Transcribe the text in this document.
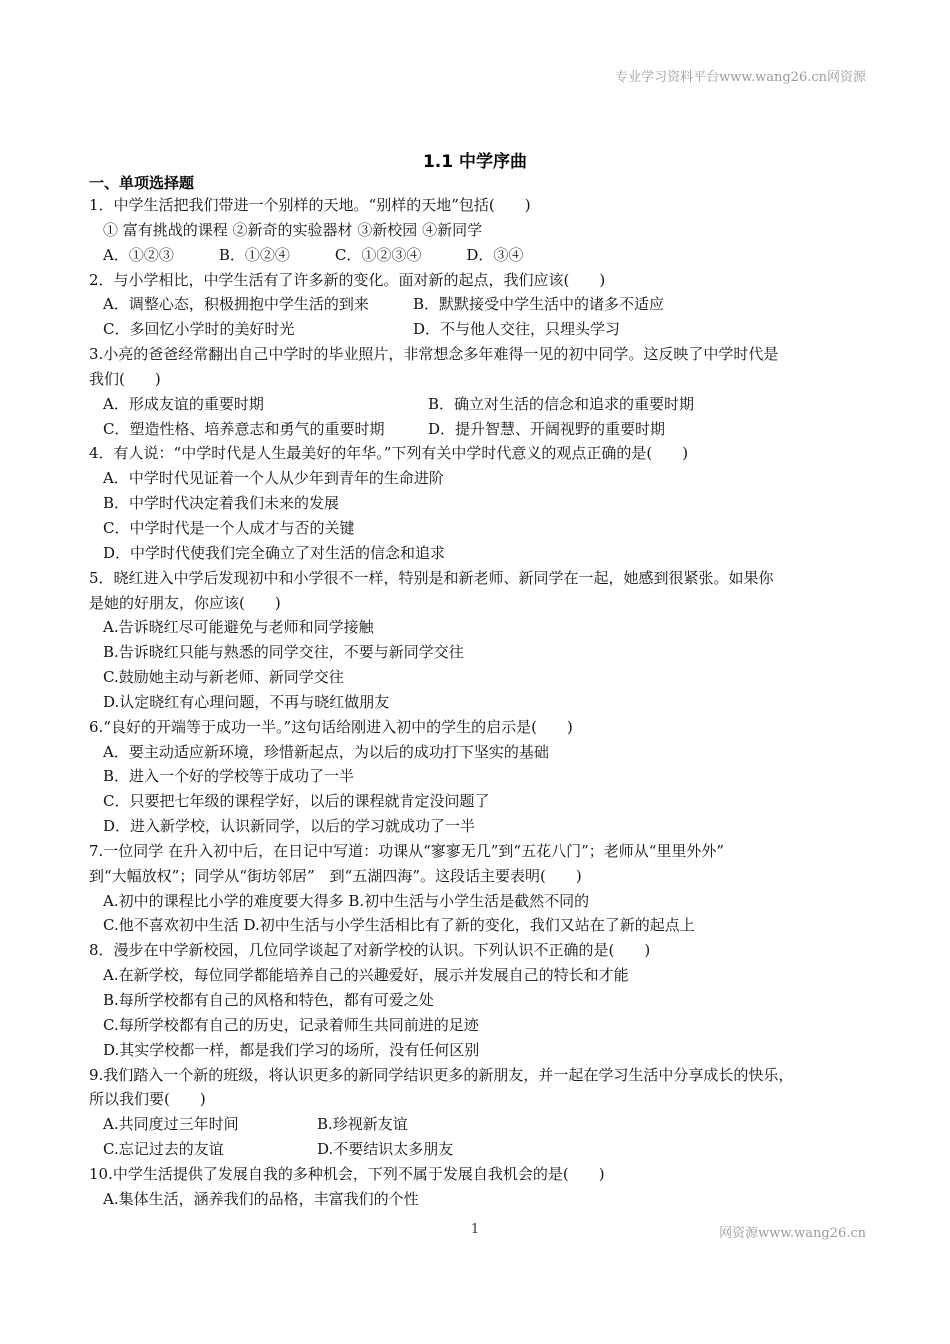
专业学习资料平台www.wang26.cn网资源
1.1 中学序曲
一、单项选择题
1．中学生活把我们带进一个别样的天地。“别样的天地”包括(　　)
① 富有挑战的课程 ②新奇的实验器材 ③新校园 ④新同学
A．①②③　　　B．①②④　　　C．①②③④　　　D．③④
2．与小学相比，中学生活有了许多新的变化。面对新的起点，我们应该(　　)
A．调整心态，积极拥抱中学生活的到来	B．默默接受中学生活中的诸多不适应
C．多回忆小学时的美好时光	D．不与他人交往，只埋头学习
3.小亮的爸爸经常翻出自己中学时的毕业照片，非常想念多年难得一见的初中同学。这反映了中学时代是
我们(　　)
A．形成友谊的重要时期	B．确立对生活的信念和追求的重要时期
C．塑造性格、培养意志和勇气的重要时期	D．提升智慧、开阔视野的重要时期
4．有人说：“中学时代是人生最美好的年华。”下列有关中学时代意义的观点正确的是(　　)
A．中学时代见证着一个人从少年到青年的生命进阶
B．中学时代决定着我们未来的发展
C．中学时代是一个人成才与否的关键
D．中学时代使我们完全确立了对生活的信念和追求
5．晓红进入中学后发现初中和小学很不一样，特别是和新老师、新同学在一起，她感到很紧张。如果你
是她的好朋友，你应该(　　)
A.告诉晓红尽可能避免与老师和同学接触
B.告诉晓红只能与熟悉的同学交往，不要与新同学交往
C.鼓励她主动与新老师、新同学交往
D.认定晓红有心理问题，不再与晓红做朋友
6.“良好的开端等于成功一半。”这句话给刚进入初中的学生的启示是(　　)
A．要主动适应新环境，珍惜新起点，为以后的成功打下坚实的基础
B．进入一个好的学校等于成功了一半
C．只要把七年级的课程学好，以后的课程就肯定没问题了
D．进入新学校，认识新同学，以后的学习就成功了一半
7.一位同学 在升入初中后，在日记中写道：功课从“寥寥无几”到“五花八门”；老师从“里里外外”
到“大幅放权”；同学从“街坊邻居”　到“五湖四海”。这段话主要表明(　　)
A.初中的课程比小学的难度要大得多 B.初中生活与小学生活是截然不同的
C.他不喜欢初中生活 D.初中生活与小学生活相比有了新的变化，我们又站在了新的起点上
8．漫步在中学新校园，几位同学谈起了对新学校的认识。下列认识不正确的是(　　)
A.在新学校，每位同学都能培养自己的兴趣爱好，展示并发展自己的特长和才能
B.每所学校都有自己的风格和特色，都有可爱之处
C.每所学校都有自己的历史，记录着师生共同前进的足迹
D.其实学校都一样，都是我们学习的场所，没有任何区别
9.我们踏入一个新的班级，将认识更多的新同学结识更多的新朋友，并一起在学习生活中分享成长的快乐，
所以我们要(　　)
A.共同度过三年时间	B.珍视新友谊
C.忘记过去的友谊	D.不要结识太多朋友
10.中学生活提供了发展自我的多种机会，下列不属于发展自我机会的是(　　)
A.集体生活，涵养我们的品格，丰富我们的个性
1	网资源www.wang26.cn
